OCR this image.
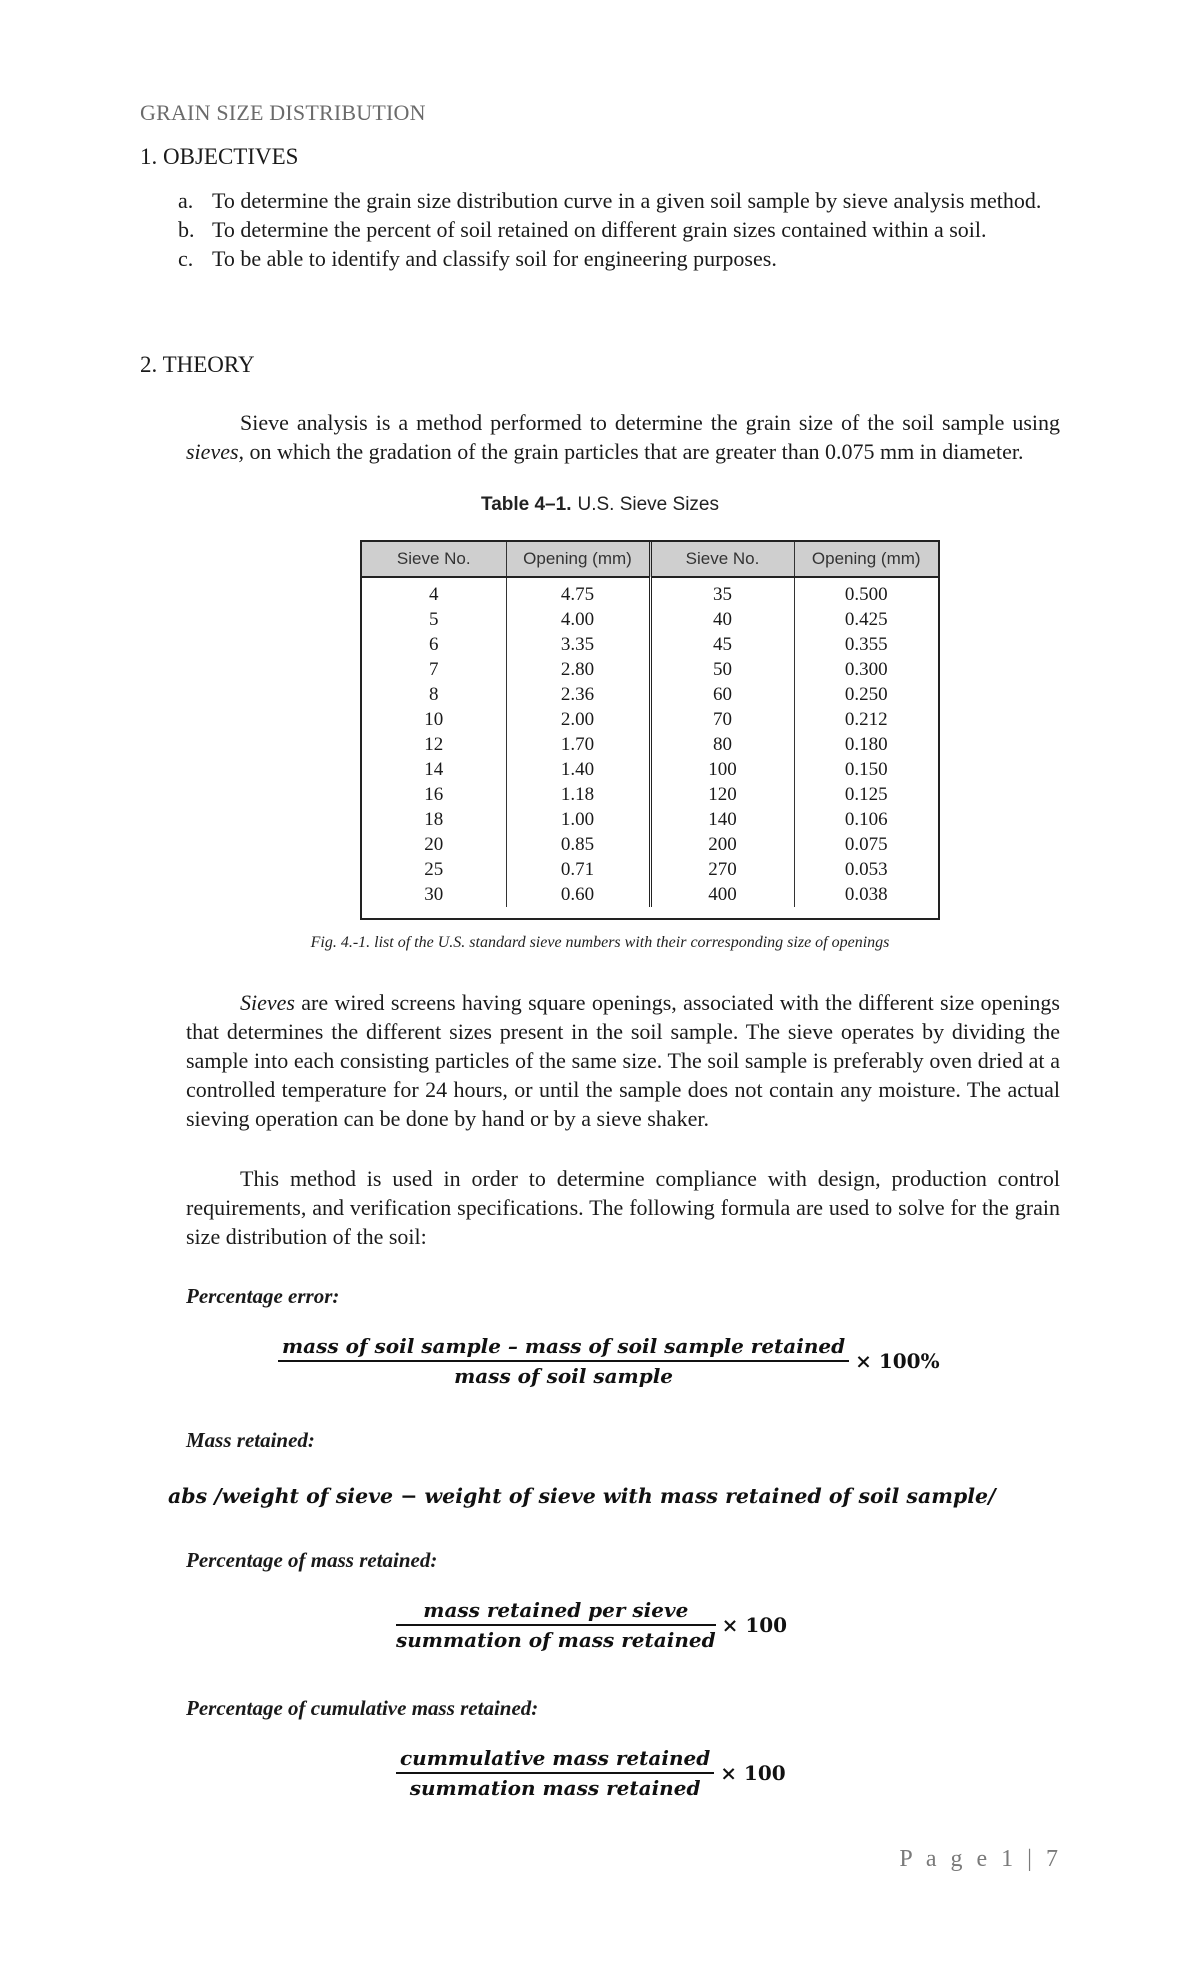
GRAIN SIZE DISTRIBUTION
1. OBJECTIVES
a. To determine the grain size distribution curve in a given soil sample by sieve analysis method.
b. To determine the percent of soil retained on different grain sizes contained within a soil.
c. To be able to identify and classify soil for engineering purposes.
2. THEORY
Sieve analysis is a method performed to determine the grain size of the soil sample using sieves, on which the gradation of the grain particles that are greater than 0.075 mm in diameter.
Table 4–1. U.S. Sieve Sizes
Sieve No.	Opening (mm)	Sieve No.	Opening (mm)
4	4.75	35	0.500
5	4.00	40	0.425
6	3.35	45	0.355
7	2.80	50	0.300
8	2.36	60	0.250
10	2.00	70	0.212
12	1.70	80	0.180
14	1.40	100	0.150
16	1.18	120	0.125
18	1.00	140	0.106
20	0.85	200	0.075
25	0.71	270	0.053
30	0.60	400	0.038
Fig. 4.-1. list of the U.S. standard sieve numbers with their corresponding size of openings
Sieves are wired screens having square openings, associated with the different size openings that determines the different sizes present in the soil sample. The sieve operates by dividing the sample into each consisting particles of the same size. The soil sample is preferably oven dried at a controlled temperature for 24 hours, or until the sample does not contain any moisture. The actual sieving operation can be done by hand or by a sieve shaker.
This method is used in order to determine compliance with design, production control requirements, and verification specifications. The following formula are used to solve for the grain size distribution of the soil:
Percentage error:
$\frac{\text{mass of soil sample – mass of soil sample retained}}{\text{mass of soil sample}} \times 100\%$
Mass retained:
abs /weight of sieve − weight of sieve with mass retained of soil sample/
Percentage of mass retained:
$\frac{\text{mass retained per sieve}}{\text{summation of mass retained}} \times 100$
Percentage of cumulative mass retained:
$\frac{\text{cummulative mass retained}}{\text{summation mass retained}} \times 100$
P a g e 1 | 7
